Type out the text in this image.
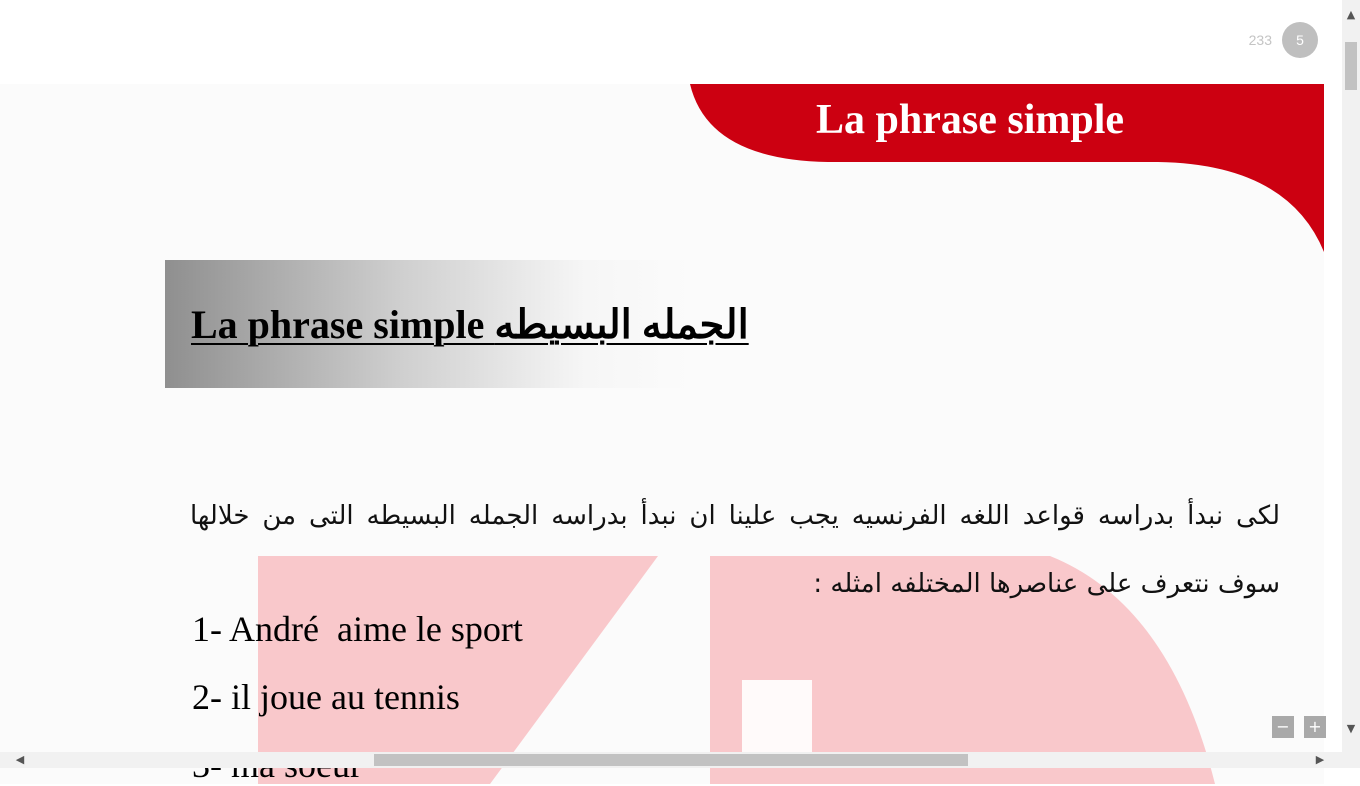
233	5
La phrase simple
La phrase simple الجمله البسيطه
لكى نبدأ بدراسه قواعد اللغه الفرنسيه يجب علينا ان نبدأ بدراسه الجمله البسيطه التى من خلالها سوف نتعرف على عناصرها المختلفه امثله :
1- André  aime le sport
2- il joue au tennis
− +
▲
▼
◀	▶
